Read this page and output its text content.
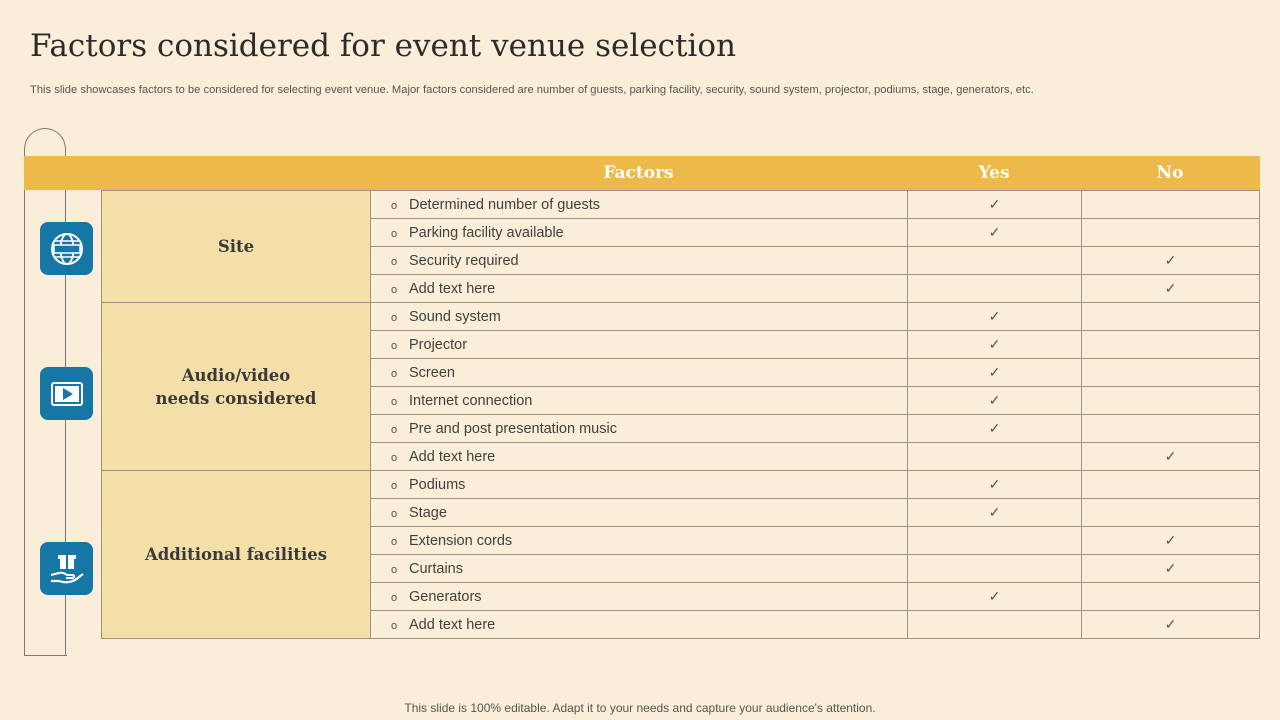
Factors considered for event venue selection

This slide showcases factors to be considered for selecting event venue. Major factors considered are number of guests, parking facility, security, sound system, projector, podiums, stage, generators, etc.

Factors	Yes	No
Site	o Determined number of guests	✓	
	o Parking facility available	✓	
	o Security required		✓
	o Add text here		✓

Audio/video
needs considered	o Sound system	✓	
	o Projector	✓	
	o Screen	✓	
	o Internet connection	✓	
	o Pre and post presentation music	✓	
	o Add text here		✓
Additional facilities	o Podiums	✓	
	o Stage	✓	
	o Extension cords		✓
	o Curtains		✓
	o Generators	✓	
	o Add text here		✓
This slide is 100% editable. Adapt it to your needs and capture your audience's attention.
